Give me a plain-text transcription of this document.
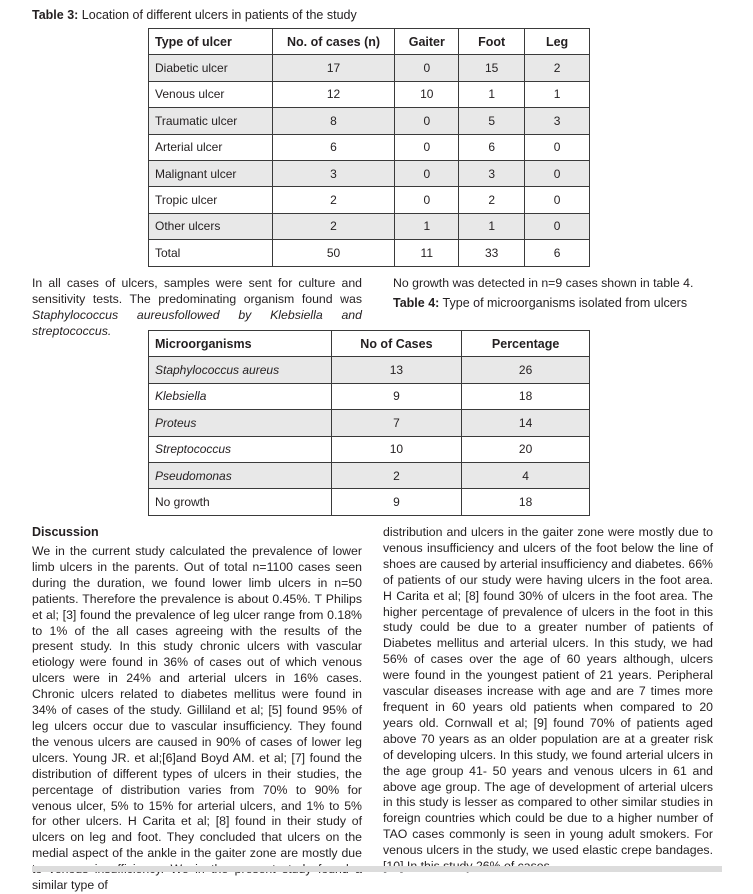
Table 3: Location of different ulcers in patients of the study
Type of ulcer	No. of cases (n)	Gaiter	Foot	Leg
Diabetic ulcer	17	0	15	2
Venous ulcer	12	10	1	1
Traumatic ulcer	8	0	5	3
Arterial ulcer	6	0	6	0
Malignant ulcer	3	0	3	0
Tropic ulcer	2	0	2	0
Other ulcers	2	1	1	0
Total	50	11	33	6
In all cases of ulcers, samples were sent for culture and sensitivity tests. The predominating organism found was Staphylococcus aureusfollowed by Klebsiella and streptococcus.
No growth was detected in n=9 cases shown in table 4.
Table 4: Type of microorganisms isolated from ulcers
Microorganisms	No of Cases	Percentage
Staphylococcus aureus	13	26
Klebsiella	9	18
Proteus	7	14
Streptococcus	10	20
Pseudomonas	2	4
No growth	9	18
Discussion
We in the current study calculated the prevalence of lower limb ulcers in the parents. Out of total n=1100 cases seen during the duration, we found lower limb ulcers in n=50 patients. Therefore the prevalence is about 0.45%. T Philips et al; [3] found the prevalence of leg ulcer range from 0.18% to 1% of the all cases agreeing with the results of the present study. In this study chronic ulcers with vascular etiology were found in 36% of cases out of which venous ulcers were in 24% and arterial ulcers in 16% cases. Chronic ulcers related to diabetes mellitus were found in 34% of cases of the study. Gilliland et al; [5] found 95% of leg ulcers occur due to vascular insufficiency. They found the venous ulcers are caused in 90% of cases of lower leg ulcers. Young JR. et al;[6]and Boyd AM. et al; [7] found the distribution of different types of ulcers in their studies, the percentage of distribution varies from 70% to 90% for venous ulcer, 5% to 15% for arterial ulcers, and 1% to 5% for other ulcers. H Carita et al; [8] found in their study of ulcers on leg and foot. They concluded that ulcers on the medial aspect of the ankle in the gaiter zone are mostly due similar type of
distribution and ulcers in the gaiter zone were mostly due to venous insufficiency and ulcers of the foot below the line of shoes are caused by arterial insufficiency and diabetes. 66% of patients of our study were having ulcers in the foot area. H Carita et al; [8] found 30% of ulcers in the foot area. The higher percentage of prevalence of ulcers in the foot in this study could be due to a greater number of patients of Diabetes mellitus and arterial ulcers. In this study, we had 56% of cases over the age of 60 years although, ulcers were found in the youngest patient of 21 years. Peripheral vascular diseases increase with age and are 7 times more frequent in 60 years old patients when compared to 20 years old. Cornwall et al; [9] found 70% of patients aged above 70 years as an older population are at a greater risk of developing ulcers. In this study, we found arterial ulcers in the age group 41- 50 years and venous ulcers in 61 and above age group. The age of development of arterial ulcers in this study is lesser as compared to other similar studies in foreign countries which could be due to a higher number of TAO cases commonly is seen in young adult smokers. For venous ulcers in the study, we used elastic crepe bandages.
